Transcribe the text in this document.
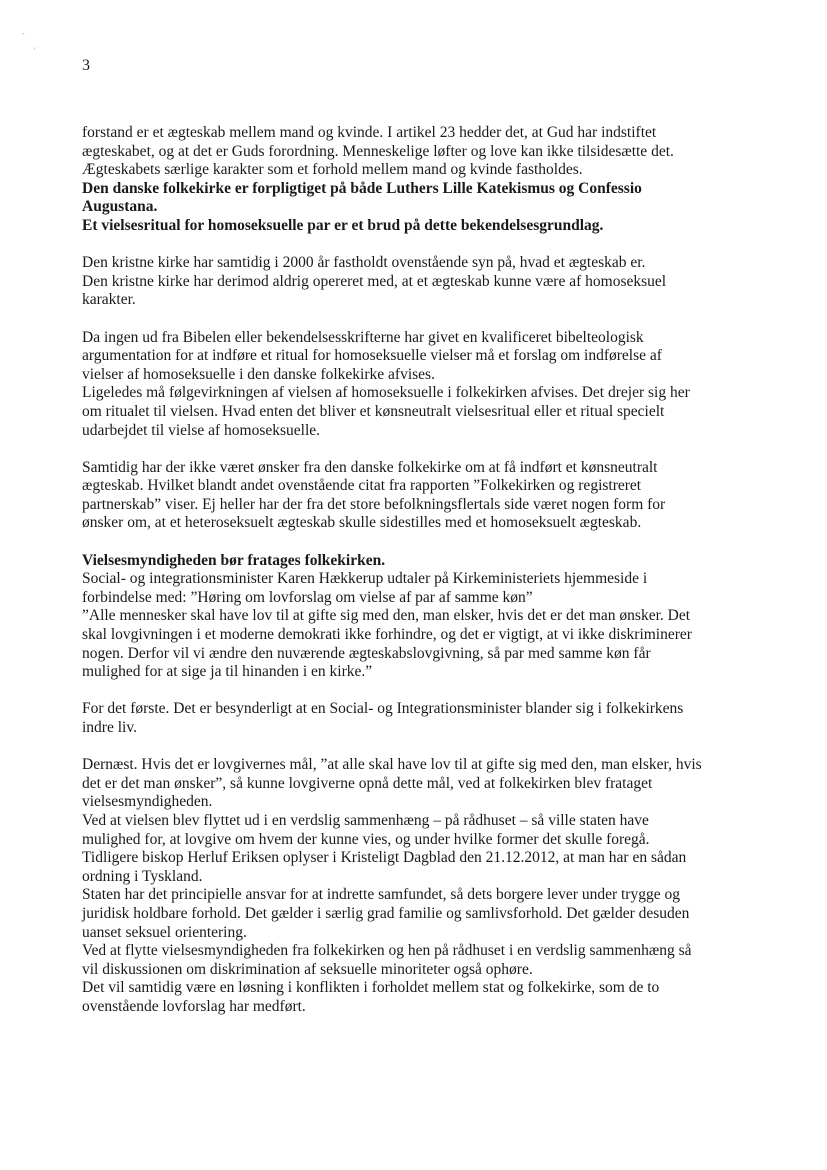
-
'
3
forstand er et ægteskab mellem mand og kvinde. I artikel 23 hedder det, at Gud har indstiftet
ægteskabet, og at det er Guds forordning. Menneskelige løfter og love kan ikke tilsidesætte det.
Ægteskabets særlige karakter som et forhold mellem mand og kvinde fastholdes.
Den danske folkekirke er forpligtiget på både Luthers Lille Katekismus og Confessio
Augustana.
Et vielsesritual for homoseksuelle par er et brud på dette bekendelsesgrundlag.
Den kristne kirke har samtidig i 2000 år fastholdt ovenstående syn på, hvad et ægteskab er.
Den kristne kirke har derimod aldrig opereret med, at et ægteskab kunne være af homoseksuel
karakter.
Da ingen ud fra Bibelen eller bekendelsesskrifterne har givet en kvalificeret bibelteologisk
argumentation for at indføre et ritual for homoseksuelle vielser må et forslag om indførelse af
vielser af homoseksuelle i den danske folkekirke afvises.
Ligeledes må følgevirkningen af vielsen af homoseksuelle i folkekirken afvises. Det drejer sig her
om ritualet til vielsen. Hvad enten det bliver et kønsneutralt vielsesritual eller et ritual specielt
udarbejdet til vielse af homoseksuelle.
Samtidig har der ikke været ønsker fra den danske folkekirke om at få indført et kønsneutralt
ægteskab. Hvilket blandt andet ovenstående citat fra rapporten ”Folkekirken og registreret
partnerskab” viser. Ej heller har der fra det store befolkningsflertals side været nogen form for
ønsker om, at et heteroseksuelt ægteskab skulle sidestilles med et homoseksuelt ægteskab.
Vielsesmyndigheden bør fratages folkekirken.
Social- og integrationsminister Karen Hækkerup udtaler på Kirkeministeriets hjemmeside i
forbindelse med: ”Høring om lovforslag om vielse af par af samme køn”
”Alle mennesker skal have lov til at gifte sig med den, man elsker, hvis det er det man ønsker. Det
skal lovgivningen i et moderne demokrati ikke forhindre, og det er vigtigt, at vi ikke diskriminerer
nogen. Derfor vil vi ændre den nuværende ægteskabslovgivning, så par med samme køn får
mulighed for at sige ja til hinanden i en kirke.”
For det første. Det er besynderligt at en Social- og Integrationsminister blander sig i folkekirkens
indre liv.
Dernæst. Hvis det er lovgivernes mål, ”at alle skal have lov til at gifte sig med den, man elsker, hvis
det er det man ønsker”, så kunne lovgiverne opnå dette mål, ved at folkekirken blev frataget
vielsesmyndigheden.
Ved at vielsen blev flyttet ud i en verdslig sammenhæng – på rådhuset – så ville staten have
mulighed for, at lovgive om hvem der kunne vies, og under hvilke former det skulle foregå.
Tidligere biskop Herluf Eriksen oplyser i Kristeligt Dagblad den 21.12.2012, at man har en sådan
ordning i Tyskland.
Staten har det principielle ansvar for at indrette samfundet, så dets borgere lever under trygge og
juridisk holdbare forhold. Det gælder i særlig grad familie og samlivsforhold. Det gælder desuden
uanset seksuel orientering.
Ved at flytte vielsesmyndigheden fra folkekirken og hen på rådhuset i en verdslig sammenhæng så
vil diskussionen om diskrimination af seksuelle minoriteter også ophøre.
Det vil samtidig være en løsning i konflikten i forholdet mellem stat og folkekirke, som de to
ovenstående lovforslag har medført.
